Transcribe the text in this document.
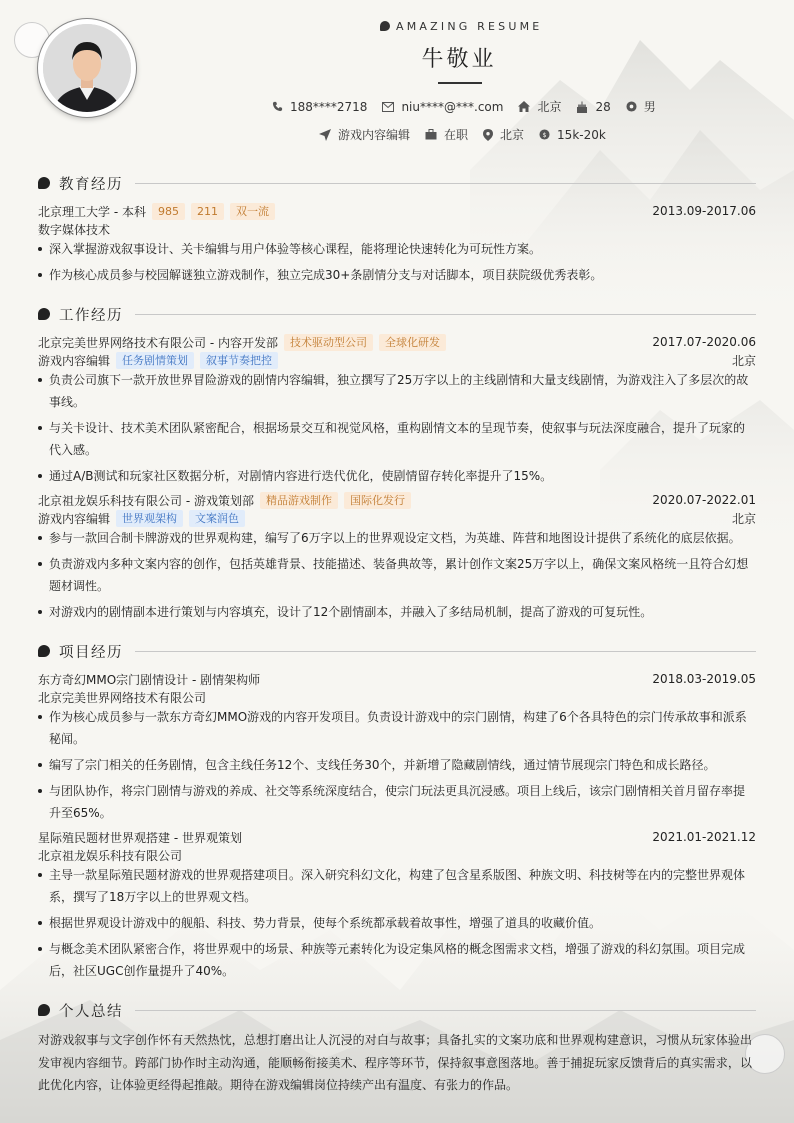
AMAZING RESUME
牛敬业
188****2718	niu****@***.com	北京	28	男
游戏内容编辑	在职	北京	$ 15k-20k
教育经历
北京理工大学 - 本科	985	211	双一流	2013.09-2017.06
数字媒体技术
深入掌握游戏叙事设计、关卡编辑与用户体验等核心课程，能将理论快速转化为可玩性方案。
作为核心成员参与校园解谜独立游戏制作，独立完成30+条剧情分支与对话脚本，项目获院级优秀表彰。
工作经历
北京完美世界网络技术有限公司 - 内容开发部	技术驱动型公司	全球化研发	2017.07-2020.06
游戏内容编辑	任务剧情策划	叙事节奏把控	北京
负责公司旗下一款开放世界冒险游戏的剧情内容编辑，独立撰写了25万字以上的主线剧情和大量支线剧情，为游戏注入了多层次的故事线。
与关卡设计、技术美术团队紧密配合，根据场景交互和视觉风格，重构剧情文本的呈现节奏，使叙事与玩法深度融合，提升了玩家的代入感。
通过A/B测试和玩家社区数据分析，对剧情内容进行迭代优化，使剧情留存转化率提升了15%。
北京祖龙娱乐科技有限公司 - 游戏策划部	精品游戏制作	国际化发行	2020.07-2022.01
游戏内容编辑	世界观架构	文案润色	北京
参与一款回合制卡牌游戏的世界观构建，编写了6万字以上的世界观设定文档，为英雄、阵营和地图设计提供了系统化的底层依据。
负责游戏内多种文案内容的创作，包括英雄背景、技能描述、装备典故等，累计创作文案25万字以上，确保文案风格统一且符合幻想题材调性。
对游戏内的剧情副本进行策划与内容填充，设计了12个剧情副本，并融入了多结局机制，提高了游戏的可复玩性。
项目经历
东方奇幻MMO宗门剧情设计 - 剧情架构师	2018.03-2019.05
北京完美世界网络技术有限公司
作为核心成员参与一款东方奇幻MMO游戏的内容开发项目。负责设计游戏中的宗门剧情，构建了6个各具特色的宗门传承故事和派系秘闻。
编写了宗门相关的任务剧情，包含主线任务12个、支线任务30个，并新增了隐藏剧情线，通过情节展现宗门特色和成长路径。
与团队协作，将宗门剧情与游戏的养成、社交等系统深度结合，使宗门玩法更具沉浸感。项目上线后，该宗门剧情相关首月留存率提升至65%。
星际殖民题材世界观搭建 - 世界观策划	2021.01-2021.12
北京祖龙娱乐科技有限公司
主导一款星际殖民题材游戏的世界观搭建项目。深入研究科幻文化，构建了包含星系版图、种族文明、科技树等在内的完整世界观体系，撰写了18万字以上的世界观文档。
根据世界观设计游戏中的舰船、科技、势力背景，使每个系统都承载着故事性，增强了道具的收藏价值。
与概念美术团队紧密合作，将世界观中的场景、种族等元素转化为设定集风格的概念图需求文档，增强了游戏的科幻氛围。项目完成后，社区UGC创作量提升了40%。
个人总结
对游戏叙事与文字创作怀有天然热忱，总想打磨出让人沉浸的对白与故事；具备扎实的文案功底和世界观构建意识，习惯从玩家体验出发审视内容细节。跨部门协作时主动沟通，能顺畅衔接美术、程序等环节，保持叙事意图落地。善于捕捉玩家反馈背后的真实需求，以此优化内容，让体验更经得起推敲。期待在游戏编辑岗位持续产出有温度、有张力的作品。
